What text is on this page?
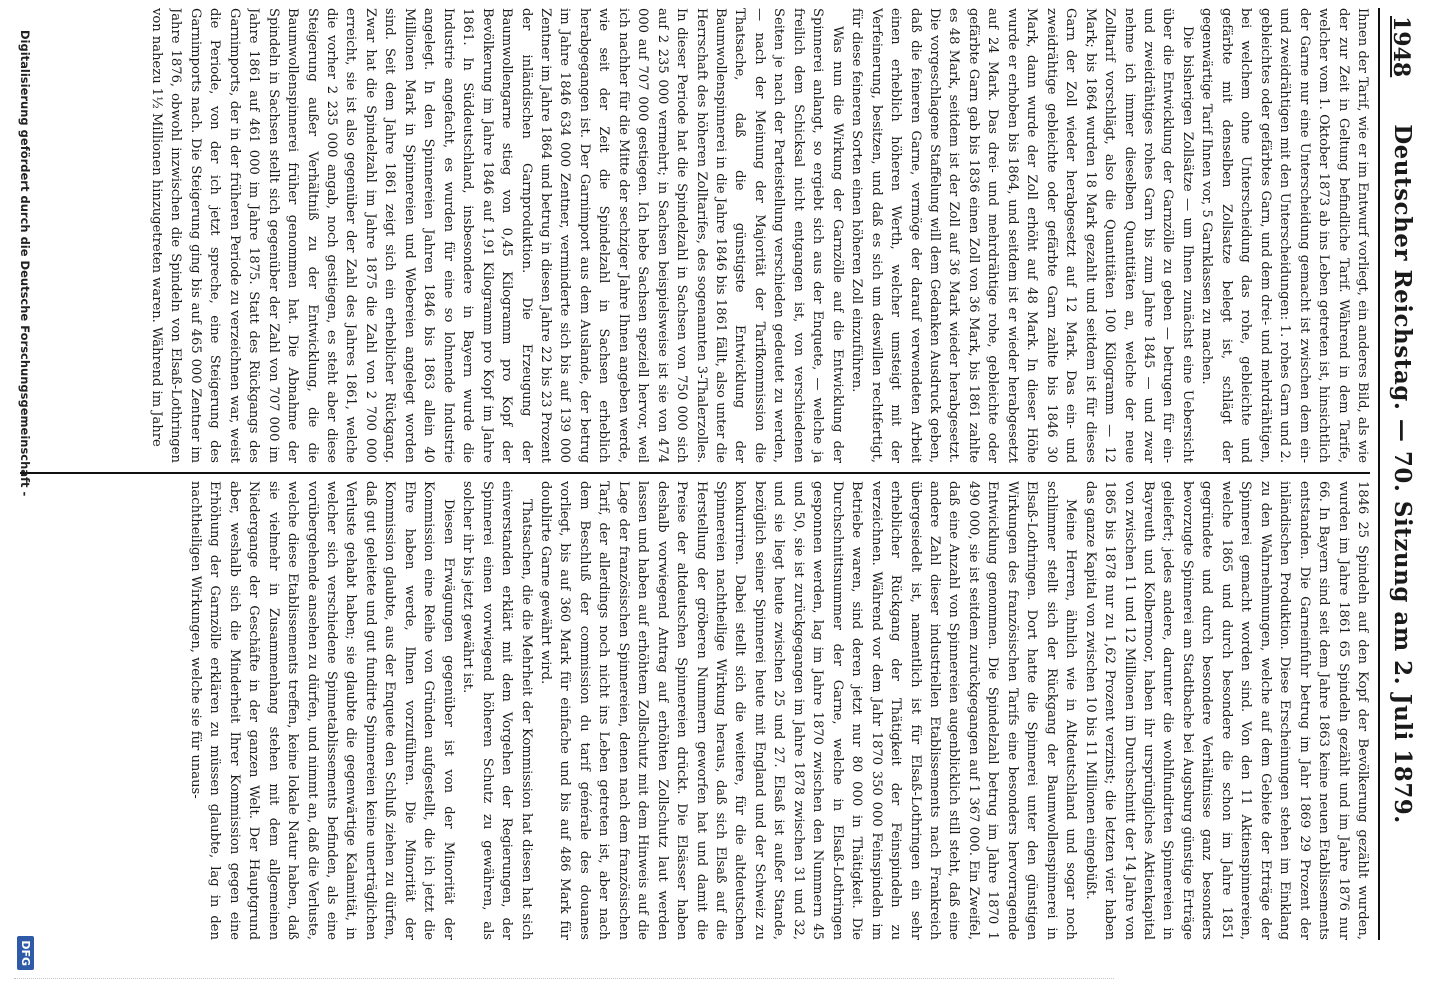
1948
Deutscher Reichstag. — 70. Sitzung am 2. Juli 1879.

Ihnen der Tarif, wie er im Entwurf vorliegt, ein anderes Bild, als wie der zur Zeit in Geltung befindliche Tarif. Während in dem Tarife, welcher vom 1. Oktober 1873 ab ins Leben getreten ist, hinsichtlich der Garne nur eine Unterscheidung gemacht ist zwischen dem ein- und zweidrähtigen mit den Unterscheidungen: 1. rohes Garn und 2. gebleichtes oder gefärbtes Garn, und dem drei- und mehrdrähtigen, bei welchem ohne Unterscheidung das rohe, gebleichte und gefärbte mit denselben Zollsatze belegt ist, schlägt der gegenwärtige Tarif Ihnen vor, 5 Garnklassen zu machen.

Die bisherigen Zollsätze — um Ihnen zunächst eine Uebersicht über die Entwicklung der Garnzölle zu geben — betrugen für ein- und zweidrähtiges rohes Garn bis zum Jahre 1845 — und zwar nehme ich immer dieselben Quantitäten an, welche der neue Zolltarif vorschlägt, also die Quantitäten 100 Kilogramm — 12 Mark; bis 1864 wurden 18 Mark gezahlt und seitdem ist für dieses Garn der Zoll wieder herabgesetzt auf 12 Mark. Das ein- und zweidrähtige gebleichte oder gefärbte Garn zahlte bis 1846 30 Mark, dann wurde der Zoll erhöht auf 48 Mark. In dieser Höhe wurde er erhoben bis 1864, und seitdem ist er wieder herabgesetzt auf 24 Mark. Das drei- und mehrdrähtige rohe, gebleichte oder gefärbte Garn gab bis 1836 einen Zoll von 36 Mark, bis 1861 zahlte es 48 Mark, seitdem ist der Zoll auf 36 Mark wieder herabgesetzt. Die vorgeschlagene Staffelung will dem Gedanken Ausdruck geben, daß die feineren Garne, vermöge der darauf verwendeten Arbeit einen erheblich höheren Werth, welcher umsteigt mit der Verfeinerung, besitzen, und daß es sich um deswillen rechtfertigt, für diese feineren Sorten einen höheren Zoll einzuführen.

Was nun die Wirkung der Garnzölle auf die Entwicklung der Spinnerei anlangt, so ergiebt sich aus der Enquete, — welche ja freilich dem Schicksal nicht entgangen ist, von verschiedenen Seiten je nach der Parteistellung verschieden gedeutet zu werden, — nach der Meinung der Majorität der Tarifkommission die Thatsache, daß die günstigste Entwicklung der Baumwollenspinnerei in die Jahre 1846 bis 1861 fällt, also unter die Herrschaft des höheren Zolltarifes, des sogenannten 3-Thalerzolles. In dieser Periode hat die Spindelzahl in Sachsen von 750 000 sich auf 2 235 000 vermehrt; in Sachsen beispielsweise ist sie von 474 000 auf 707 000 gestiegen. Ich hebe Sachsen speziell hervor, weil ich nachher für die Mitte der sechziger Jahre Ihnen angeben werde, wie seit der Zeit die Spindelzahl in Sachsen erheblich herabgegangen ist. Der Garnimport aus dem Auslande, der betrug im Jahre 1846 634 000 Zentner, verminderte sich bis auf 139 000 Zentner im Jahre 1864 und betrug in diesen Jahre 22 bis 23 Prozent der inländischen Garnproduktion. Die Erzeugung der Baumwollengarne stieg von 0,45 Kilogramm pro Kopf der Bevölkerung im Jahre 1846 auf 1,91 Kilogramm pro Kopf im Jahre 1861. In Süddeutschland, insbesondere in Bayern wurde die Industrie angefacht, es wurden für eine so lohnende Industrie angelegt. In den Spinnereien Jahren 1846 bis 1863 allein 40 Millionen Mark in Spinnereien und Webereien angelegt worden sind. Seit dem Jahre 1861 zeigt sich ein erheblicher Rückgang. Zwar hat die Spindelzahl im Jahre 1875 die Zahl von 2 700 000 erreicht, sie ist also gegenüber der Zahl des Jahres 1861, welche die vorher 2 235 000 angab, noch gestiegen, es steht aber diese Steigerung außer Verhältniß zu der Entwicklung, die die Baumwollenspinnerei früher genommen hat. Die Abnahme der Spindeln in Sachsen stellt sich gegenüber der Zahl von 707 000 im Jahre 1861 auf 461 000 im Jahre 1875. Statt des Rückgangs des Garnimports, der in der früheren Periode zu verzeichnen war, weist die Periode, von der ich jetzt spreche, eine Steigerung des Garnimports nach. Die Steigerung ging bis auf 465 000 Zentner im Jahre 1876, obwohl inzwischen die Spindeln von Elsaß-Lothringen von nahezu 1½ Millionen hinzugetreten waren. Während im Jahre

1846 25 Spindeln auf den Kopf der Bevölkerung gezählt wurden, wurden im Jahre 1861 65 Spindeln gezählt und im Jahre 1876 nur 66. In Bayern sind seit dem Jahre 1863 keine neuen Etablissements entstanden. Die Garneinfuhr betrug im Jahr 1869 29 Prozent der inländischen Produktion. Diese Erscheinungen stehen im Einklang zu den Wahrnehmungen, welche auf dem Gebiete der Erträge der Spinnerei gemacht worden sind. Von den 11 Aktienspinnereien, welche 1865 und durch besondere die schon im Jahre 1851 gegründete und durch besondere Verhältnisse ganz besonders bevorzugte Spinnerei am Stadtbache bei Augsburg günstige Erträge geliefert; jedes andere, darunter die wohlfundirten Spinnereien in Bayreuth und Kolbermoor, haben ihr ursprüngliches Aktienkapital von zwischen 11 und 12 Millionen im Durchschnitt der 14 Jahre von 1865 bis 1878 nur zu 1,62 Prozent verzinst; die letzten vier haben das ganze Kapital von zwischen 10 bis 11 Millionen eingebüßt.

Meine Herren, ähnlich wie in Altdeutschland und sogar noch schlimmer stellt sich der Rückgang der Baumwollenspinnerei in Elsaß-Lothringen. Dort hatte die Spinnerei unter den günstigen Wirkungen des französischen Tarifs eine besonders hervorragende Entwicklung genommen. Die Spindelzahl betrug im Jahre 1870 1 490 000, sie ist seitdem zurückgegangen auf 1 367 000. Ein Zweifel, daß eine Anzahl von Spinnereien augenblicklich still steht, daß eine andere Zahl dieser industriellen Etablissements nach Frankreich übergesiedelt ist, namentlich ist für Elsaß-Lothringen ein sehr erheblicher Rückgang der Thätigkeit der Feinspindeln zu verzeichnen. Während vor dem Jahr 1870 350 000 Feinspindeln im Betriebe waren, sind deren jetzt nur 80 000 in Thätigkeit. Die Durchschnittsnummer der Garne, welche in Elsaß-Lothringen gesponnen werden, lag im Jahre 1870 zwischen den Nummern 45 und 50, sie ist zurückgegangen im Jahre 1878 zwischen 31 und 32, und sie liegt heute zwischen 25 und 27. Elsaß ist außer Stande, bezüglich seiner Spinnerei heute mit England und der Schweiz zu konkurriren. Dabei stellt sich die weitere, für die altdeutschen Spinnereien nachtheilige Wirkung heraus, daß sich Elsaß auf die Herstellung der gröberen Nummern geworfen hat und damit die Preise der altdeutschen Spinnereien drückt. Die Elsässer haben deshalb vorwiegend Antrag auf erhöhten Zollschutz laut werden lassen und haben auf erhöhtem Zollschutz mit dem Hinweis auf die Lage der französischen Spinnereien, denen nach dem französischen Tarif, der allerdings noch nicht ins Leben getreten ist, aber nach dem Beschluß der commission du tarif générale des douanes vorliegt, bis auf 360 Mark für einfache und bis auf 486 Mark für doublirte Garne gewährt wird.

Thatsachen, die die Mehrheit der Kommission hat diesen hat sich einverstanden erklärt mit dem Vorgehen der Regierungen, der Spinnerei einen vorwiegend höheren Schutz zu gewähren, als solcher ihr bis jetzt gewährt ist.

Diesen Erwägungen gegenüber ist von der Minorität der Kommission eine Reihe von Gründen aufgestellt, die ich jetzt die Ehre haben werde, Ihnen vorzuführen. Die Minorität der Kommission glaubte, aus der Enquete den Schluß ziehen zu dürfen, daß gut geleitete und gut fundirte Spinnereien keine unerträglichen Verluste gehabt haben; sie glaubte die gegenwärtige Kalamität, in welcher sich verschiedene Spinnetablissements befinden, als eine vorübergehende ansehen zu dürfen, und nimmt an, daß die Verluste, welche diese Etablissements treffen, keine lokale Natur haben, daß sie vielmehr in Zusammenhang stehen mit dem allgemeinen Niedergange der Geschäfte in der ganzen Welt. Der Hauptgrund aber, weshalb sich die Minderheit Ihrer Kommission gegen eine Erhöhung der Garnzölle erklären zu müssen glaubte, lag in den nachtheiligen Wirkungen, welche sie für unaus-

Digitalisierung gefördert durch die Deutsche Forschungsgemeinschaft -
DFG
